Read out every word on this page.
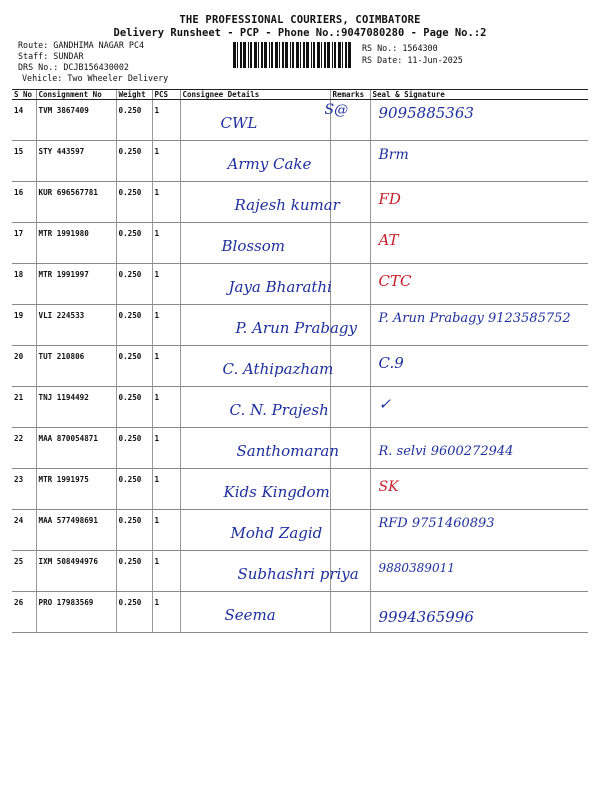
THE PROFESSIONAL COURIERS, COIMBATORE
Delivery Runsheet - PCP - Phone No.:9047080280 - Page No.:2
Route: GANDHIMA NAGAR PC4
Staff: SUNDAR
DRS No.: DCJB156430002
Vehicle: Two Wheeler Delivery
RS No.: 1564300
RS Date: 11-Jun-2025
S No	Consignment No	Weight	PCS	Consignee Details	Remarks	Seal & Signature
14	TVM 3867409	0.250	1	CWL	S@	9095885363

15	STY 443597	0.250	1	Army Cake		Brm

16	KUR 696567781	0.250	1	Rajesh kumar		FD

17	MTR 1991980	0.250	1	Blossom		AT

18	MTR 1991997	0.250	1	Jaya Bharathi		CTC

19	VLI 224533	0.250	1	P. Arun Prabagy		P. Arun Prabagy 9123585752

20	TUT 210806	0.250	1	C. Athipazham		C.9

21	TNJ 1194492	0.250	1	C. N. Prajesh		✓

22	MAA 870054871	0.250	1	Santhomaran		R. selvi 9600272944

23	MTR 1991975	0.250	1	Kids Kingdom		SK

24	MAA 577498691	0.250	1	Mohd Zagid		RFD 9751460893

25	IXM 508494976	0.250	1	Subhashri priya		9880389011

26	PRO 17983569	0.250	1	Seema		9994365996
